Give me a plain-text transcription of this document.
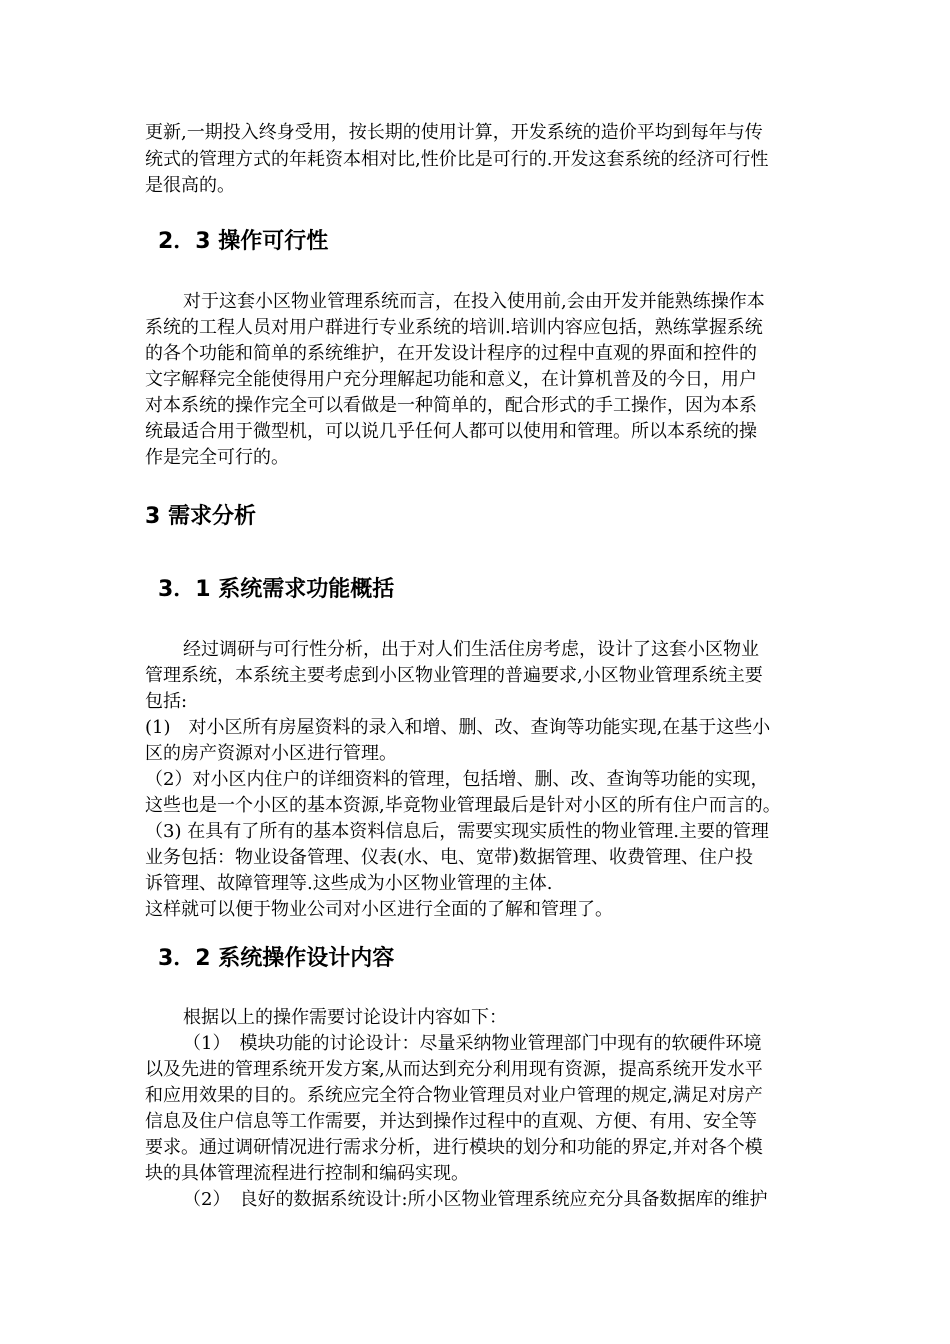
更新,一期投入终身受用，按长期的使用计算，开发系统的造价平均到每年与传
统式的管理方式的年耗资本相对比,性价比是可行的.开发这套系统的经济可行性
是很高的。
2．3 操作可行性
对于这套小区物业管理系统而言，在投入使用前,会由开发并能熟练操作本
系统的工程人员对用户群进行专业系统的培训.培训内容应包括，熟练掌握系统
的各个功能和简单的系统维护，在开发设计程序的过程中直观的界面和控件的
文字解释完全能使得用户充分理解起功能和意义，在计算机普及的今日，用户
对本系统的操作完全可以看做是一种简单的，配合形式的手工操作，因为本系
统最适合用于微型机，可以说几乎任何人都可以使用和管理。所以本系统的操
作是完全可行的。
3 需求分析
3．1 系统需求功能概括
经过调研与可行性分析，出于对人们生活住房考虑，设计了这套小区物业
管理系统，本系统主要考虑到小区物业管理的普遍要求,小区物业管理系统主要
包括:
(1)　对小区所有房屋资料的录入和增、删、改、查询等功能实现,在基于这些小
区的房产资源对小区进行管理。
（2）对小区内住户的详细资料的管理，包括增、删、改、查询等功能的实现，
这些也是一个小区的基本资源,毕竟物业管理最后是针对小区的所有住户而言的。
（3) 在具有了所有的基本资料信息后，需要实现实质性的物业管理.主要的管理
业务包括：物业设备管理、仪表(水、电、宽带)数据管理、收费管理、住户投
诉管理、故障管理等.这些成为小区物业管理的主体.
这样就可以便于物业公司对小区进行全面的了解和管理了。
3．2 系统操作设计内容
根据以上的操作需要讨论设计内容如下：
（1）　模块功能的讨论设计：尽量采纳物业管理部门中现有的软硬件环境
以及先进的管理系统开发方案,从而达到充分利用现有资源，提高系统开发水平
和应用效果的目的。系统应完全符合物业管理员对业户管理的规定,满足对房产
信息及住户信息等工作需要，并达到操作过程中的直观、方便、有用、安全等
要求。通过调研情况进行需求分析，进行模块的划分和功能的界定,并对各个模
块的具体管理流程进行控制和编码实现。
（2）　良好的数据系统设计:所小区物业管理系统应充分具备数据库的维护
